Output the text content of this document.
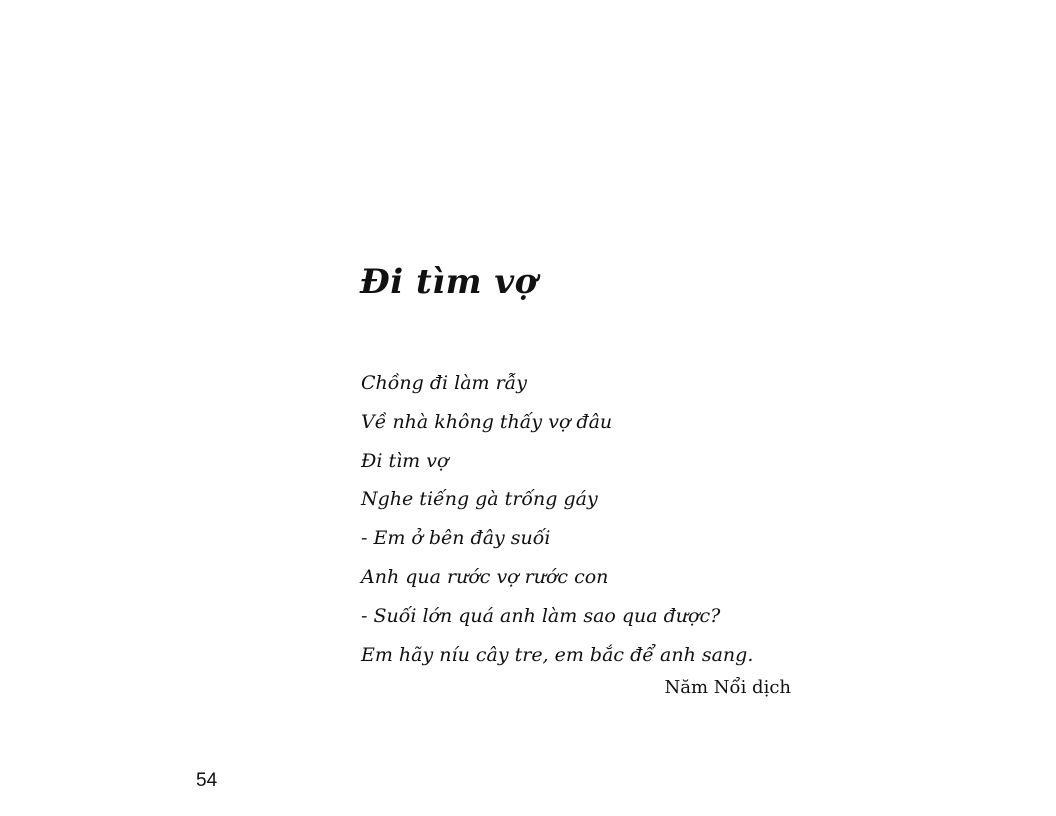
Đi tìm vợ
Chồng đi làm rẫy
Về nhà không thấy vợ đâu
Đi tìm vợ
Nghe tiếng gà trống gáy
- Em ở bên đây suối
Anh qua rước vợ rước con
- Suối lớn quá anh làm sao qua được?
Em hãy níu cây tre, em bắc để anh sang.
Năm Nổi dịch
54
